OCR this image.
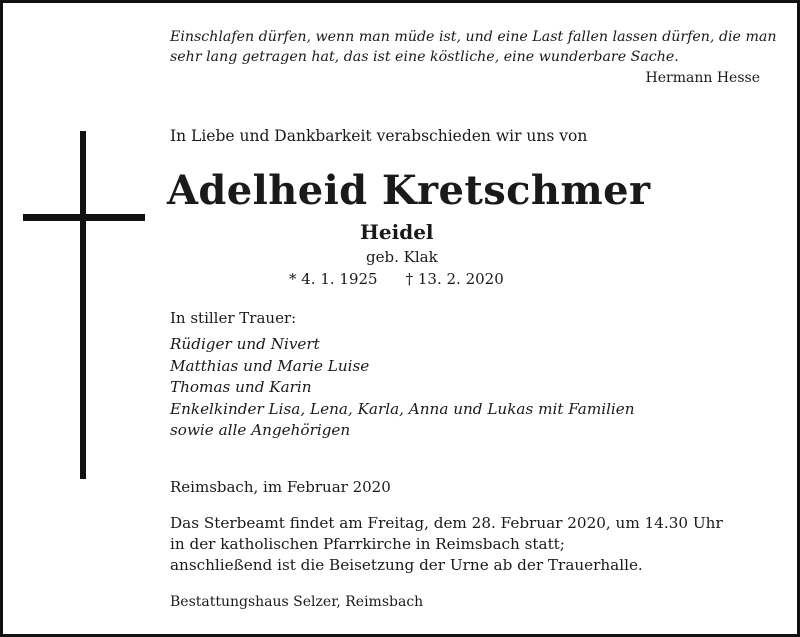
Einschlafen dürfen, wenn man müde ist, und eine Last fallen lassen dürfen, die man
sehr lang getragen hat, das ist eine köstliche, eine wunderbare Sache.
Hermann Hesse
In Liebe und Dankbarkeit verabschieden wir uns von
Adelheid Kretschmer
Heidel
geb. Klak
* 4. 1. 1925 † 13. 2. 2020
In stiller Trauer:
Rüdiger und Nivert
Matthias und Marie Luise
Thomas und Karin
Enkelkinder Lisa, Lena, Karla, Anna und Lukas mit Familien
sowie alle Angehörigen
Reimsbach, im Februar 2020
Das Sterbeamt findet am Freitag, dem 28. Februar 2020, um 14.30 Uhr
in der katholischen Pfarrkirche in Reimsbach statt;
anschließend ist die Beisetzung der Urne ab der Trauerhalle.
Bestattungshaus Selzer, Reimsbach
